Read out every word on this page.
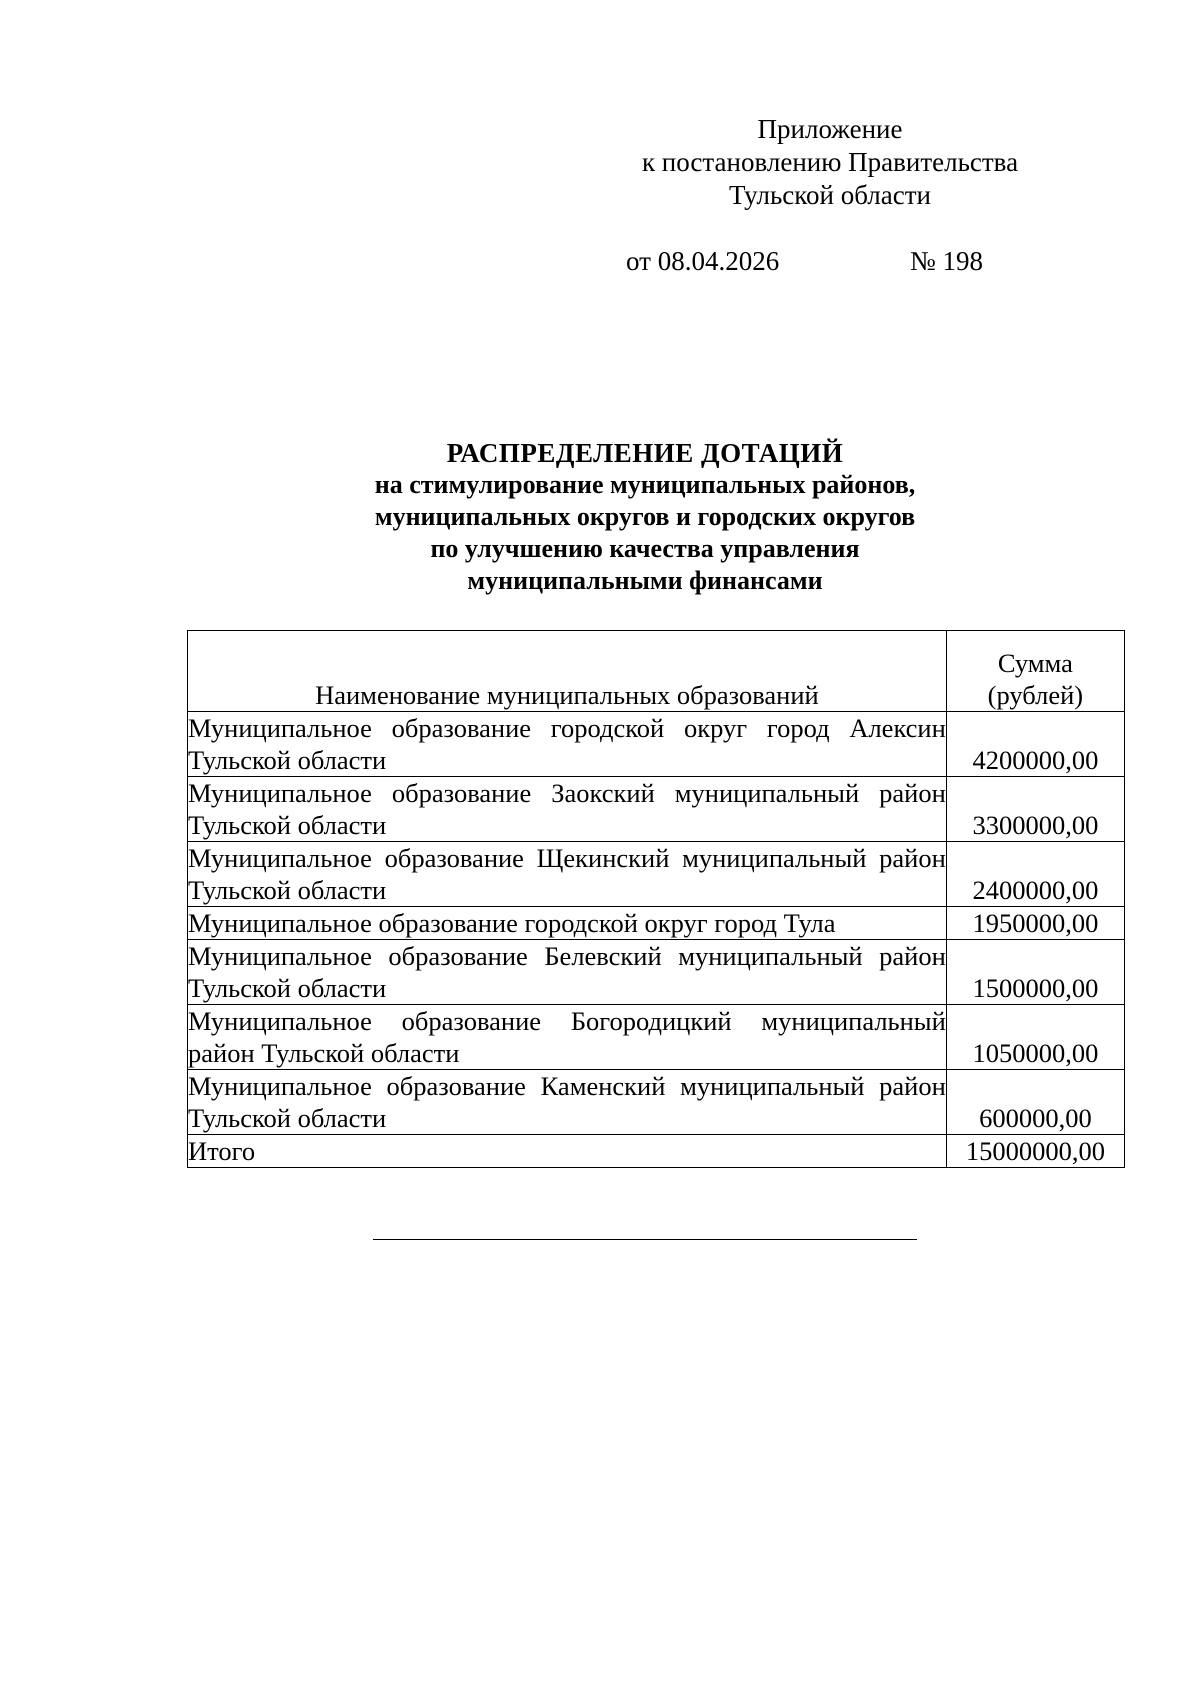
Приложение
к постановлению Правительства
Тульской области
от 08.04.2026	№ 198
РАСПРЕДЕЛЕНИЕ ДОТАЦИЙ
на стимулирование муниципальных районов,
муниципальных округов и городских округов
по улучшению качества управления
муниципальными финансами
Наименование муниципальных образований	Сумма
(рублей)

Муниципальное образование городской округ город Алексин Тульской области	4200000,00
Муниципальное образование Заокский муниципальный район Тульской области	3300000,00
Муниципальное образование Щекинский муниципальный район Тульской области	2400000,00
Муниципальное образование городской округ город Тула	1950000,00
Муниципальное образование Белевский муниципальный район Тульской области	1500000,00
Муниципальное образование Богородицкий муниципальный район Тульской области	1050000,00
Муниципальное образование Каменский муниципальный район Тульской области	600000,00
Итого	15000000,00
